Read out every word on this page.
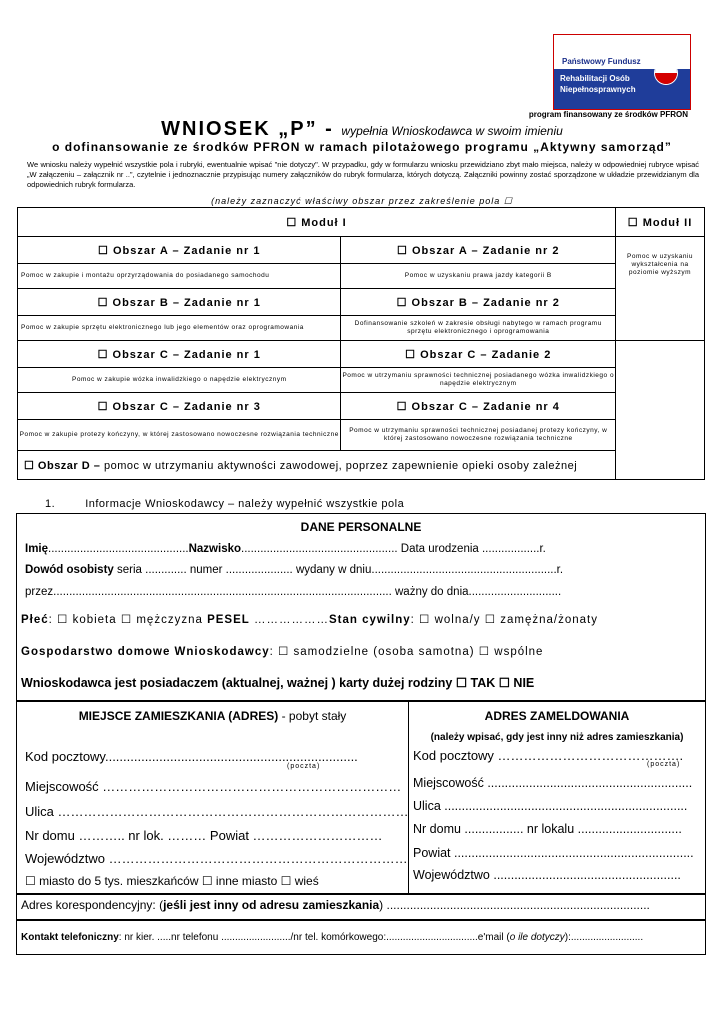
Państwowy Fundusz
Rehabilitacji Osób
Niepełnosprawnych
program finansowany ze środków PFRON
WNIOSEK „P” - wypełnia Wnioskodawca w swoim imieniu
o dofinansowanie ze środków PFRON w ramach pilotażowego programu „Aktywny samorząd”
We wniosku należy wypełnić wszystkie pola i rubryki, ewentualnie wpisać "nie dotyczy". W przypadku, gdy w formularzu wniosku przewidziano zbyt mało miejsca, należy w odpowiedniej rubryce wpisać „W załączeniu – załącznik nr ..”, czytelnie i jednoznacznie przypisując numery załączników do rubryk formularza, których dotyczą. Załączniki powinny zostać sporządzone w układzie przewidzianym dla odpowiednich rubryk formularza.
(należy zaznaczyć właściwy obszar przez zakreślenie pola ☐
☐ Moduł I		☐ Moduł II
☐ Obszar A – Zadanie nr 1	☐ Obszar A – Zadanie nr 2	Pomoc w uzyskaniu wykształcenia na poziomie wyższym

Pomoc w zakupie i montażu oprzyrządowania do posiadanego samochodu	Pomoc w uzyskaniu prawa jazdy kategorii B	
☐ Obszar B – Zadanie nr 1	☐ Obszar B – Zadanie nr 2	
Pomoc w zakupie sprzętu elektronicznego lub jego elementów oraz oprogramowania	Dofinansowanie szkoleń w zakresie obsługi nabytego w ramach programu sprzętu elektronicznego i oprogramowania	
☐ Obszar C – Zadanie nr 1	☐ Obszar C – Zadanie 2	
Pomoc w zakupie wózka inwalidzkiego o napędzie elektrycznym	Pomoc w utrzymaniu sprawności technicznej posiadanego wózka inwalidzkiego o napędzie elektrycznym	
☐ Obszar C – Zadanie nr 3	☐ Obszar C – Zadanie nr 4	
Pomoc w zakupie protezy kończyny, w której zastosowano nowoczesne rozwiązania techniczne	Pomoc w utrzymaniu sprawności technicznej posiadanej protezy kończyny, w której zastosowano nowoczesne rozwiązania techniczne	
☐ Obszar D – pomoc w utrzymaniu aktywności zawodowej, poprzez zapewnienie opieki osoby zależnej		
1.	Informacje Wnioskodawcy – należy wypełnić wszystkie pola
DANE PERSONALNE
Imię............................................Nazwisko................................................. Data urodzenia ..................r.
Dowód osobisty seria ............. numer ..................... wydany w dniu..........................................................r.
przez.......................................................................................................... ważny do dnia.............................
Płeć: ☐ kobieta ☐ mężczyzna PESEL ………………Stan cywilny: ☐ wolna/y ☐ zamężna/żonaty
Gospodarstwo domowe Wnioskodawcy: ☐ samodzielne (osoba samotna) ☐ wspólne
Wnioskodawca jest posiadaczem (aktualnej, ważnej ) karty dużej rodziny ☐ TAK ☐ NIE
MIEJSCE ZAMIESZKANIA (ADRES) - pobyt stały
Kod pocztowy......................................................................
(poczta)
Miejscowość ……………………………………………………………
Ulica ………………………………………………………………………
Nr domu ……….. nr lok. ……… Powiat …………………………
Województwo ……………………………………………………………
☐ miasto do 5 tys. mieszkańców ☐ inne miasto ☐ wieś
ADRES ZAMELDOWANIA
(należy wpisać, gdy jest inny niż adres zamieszkania)
Kod pocztowy …………………………………….
(poczta)
Miejscowość ...........................................................
Ulica ......................................................................
Nr domu ................. nr lokalu ..............................
Powiat .....................................................................
Województwo ......................................................
Adres korespondencyjny: (jeśli jest inny od adresu zamieszkania) ...............................................................................
Kontakt telefoniczny: nr kier. .....nr telefonu ........................./nr tel. komórkowego:.................................e'mail (o ile dotyczy):..........................
